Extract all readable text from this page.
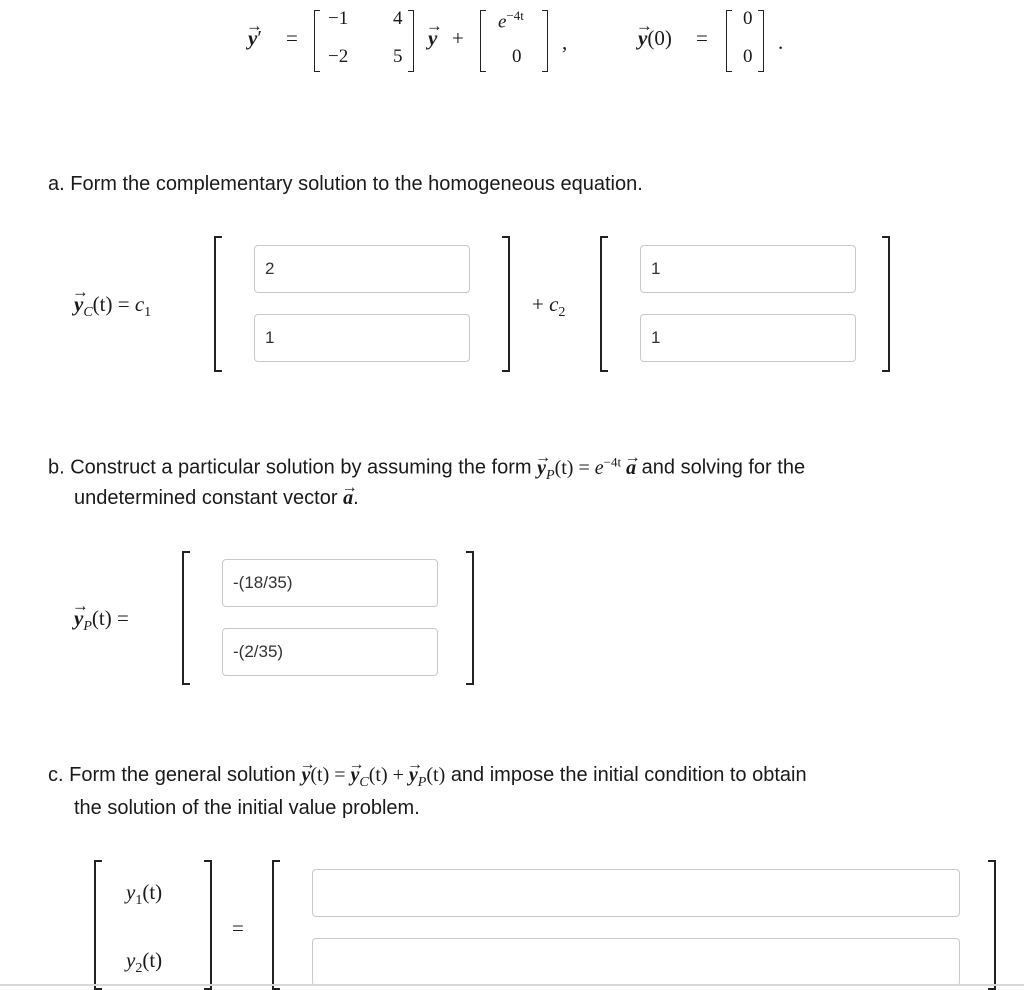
→ y′ =
−1 4
−2 5
→ y +
$e^{-4t}$
0
,	→ y(0) =
0
0
.
a. Form the complementary solution to the homogeneous equation.
→ $y_C(t) = c_1$
2
1
+ $c_2$
1
1
b. Construct a particular solution by assuming the form → $y_P(t) = e^{-4t} \to a$ and solving for the
undetermined constant vector → a.
→ $y_P(t)$ =
-(18/35)
-(2/35)
c. Form the general solution → y(t) = → $y_C(t)$ + → $y_P(t)$ and impose the initial condition to obtain
the solution of the initial value problem.
$y_1(t)$
$y_2(t)$
=
